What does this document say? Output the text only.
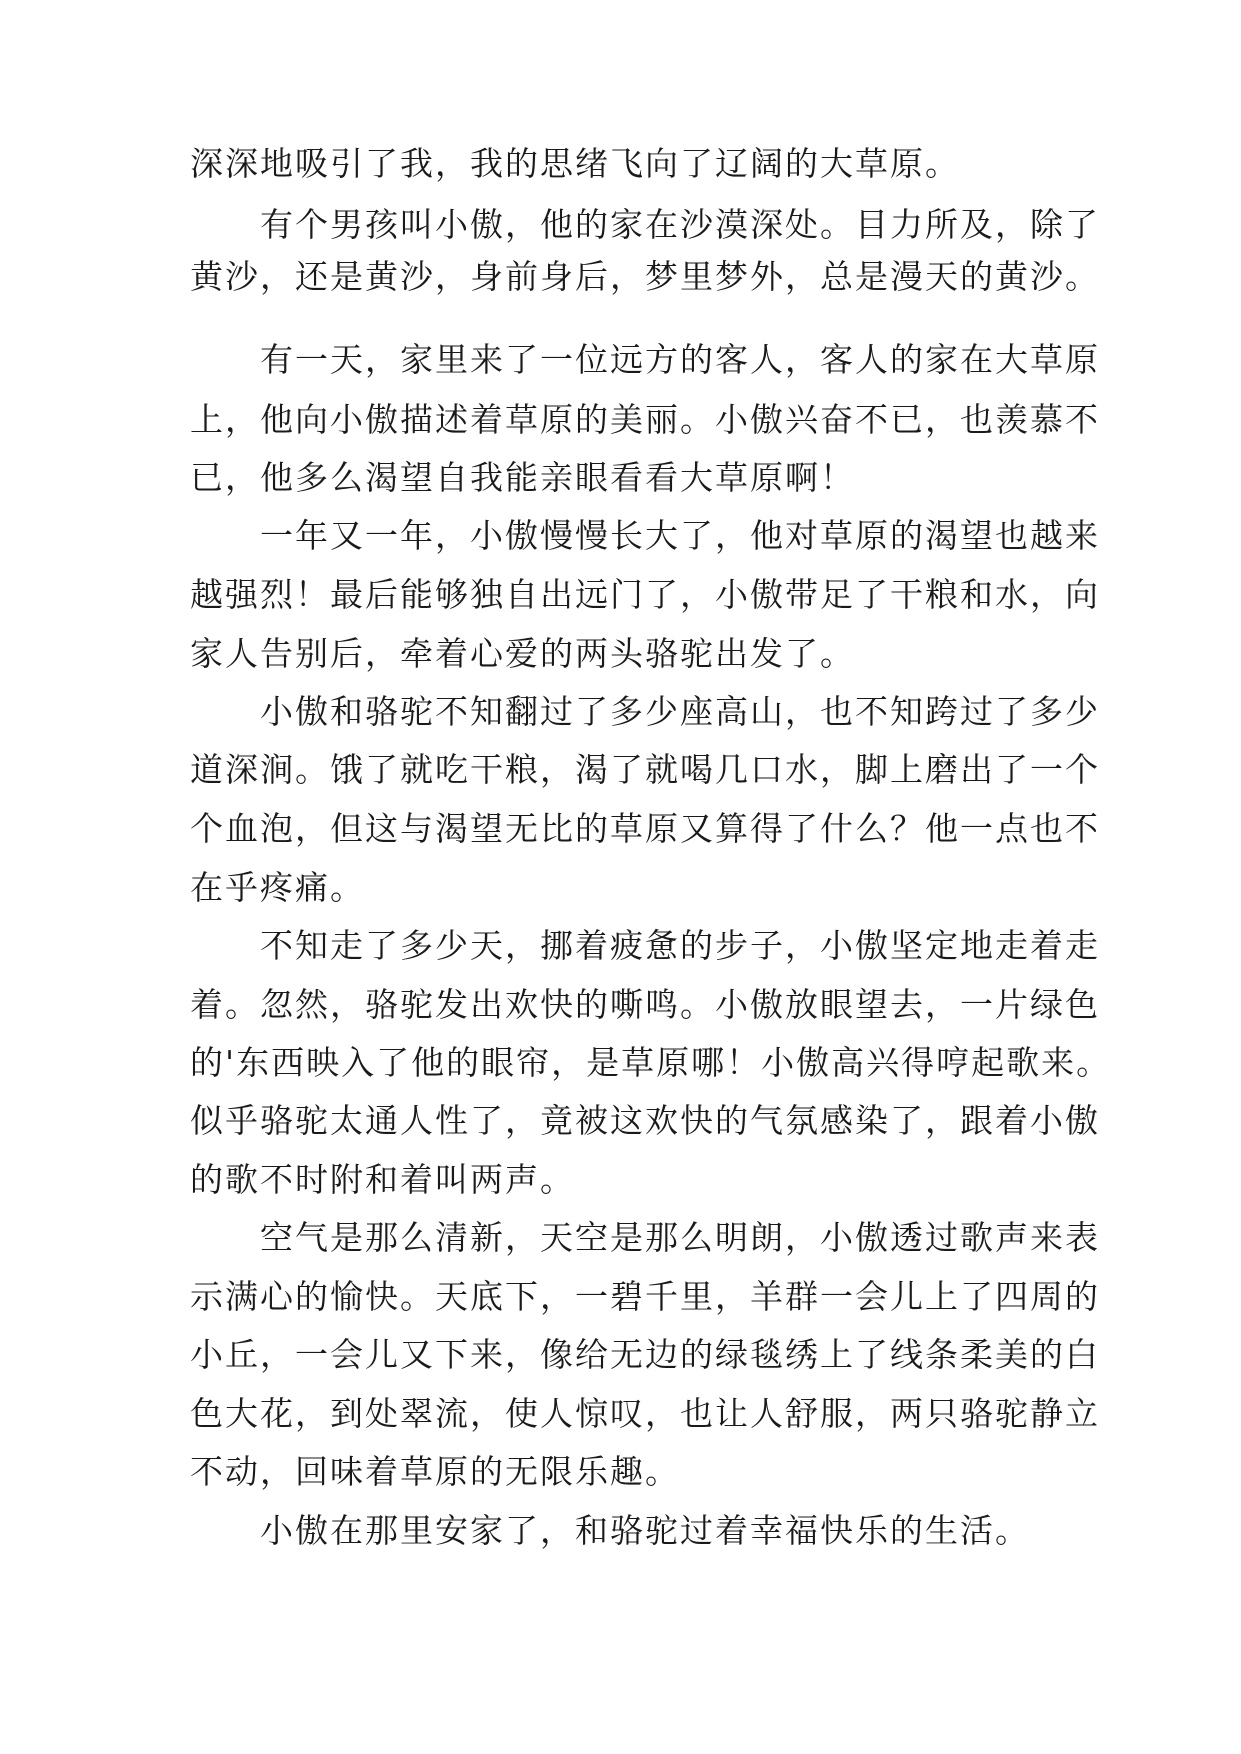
深深地吸引了我，我的思绪飞向了辽阔的大草原。

　　有个男孩叫小傲，他的家在沙漠深处。目力所及，除了

黄沙，还是黄沙，身前身后，梦里梦外，总是漫天的黄沙。

　　有一天，家里来了一位远方的客人，客人的家在大草原

上，他向小傲描述着草原的美丽。小傲兴奋不已，也羡慕不

已，他多么渴望自我能亲眼看看大草原啊！

　　一年又一年，小傲慢慢长大了，他对草原的渴望也越来

越强烈！最后能够独自出远门了，小傲带足了干粮和水，向

家人告别后，牵着心爱的两头骆驼出发了。

　　小傲和骆驼不知翻过了多少座高山，也不知跨过了多少

道深涧。饿了就吃干粮，渴了就喝几口水，脚上磨出了一个

个血泡，但这与渴望无比的草原又算得了什么？他一点也不

在乎疼痛。

　　不知走了多少天，挪着疲惫的步子，小傲坚定地走着走

着。忽然，骆驼发出欢快的嘶鸣。小傲放眼望去，一片绿色

的'东西映入了他的眼帘，是草原哪！小傲高兴得哼起歌来。

似乎骆驼太通人性了，竟被这欢快的气氛感染了，跟着小傲

的歌不时附和着叫两声。

　　空气是那么清新，天空是那么明朗，小傲透过歌声来表

示满心的愉快。天底下，一碧千里，羊群一会儿上了四周的

小丘，一会儿又下来，像给无边的绿毯绣上了线条柔美的白

色大花，到处翠流，使人惊叹，也让人舒服，两只骆驼静立

不动，回味着草原的无限乐趣。

　　小傲在那里安家了，和骆驼过着幸福快乐的生活。
